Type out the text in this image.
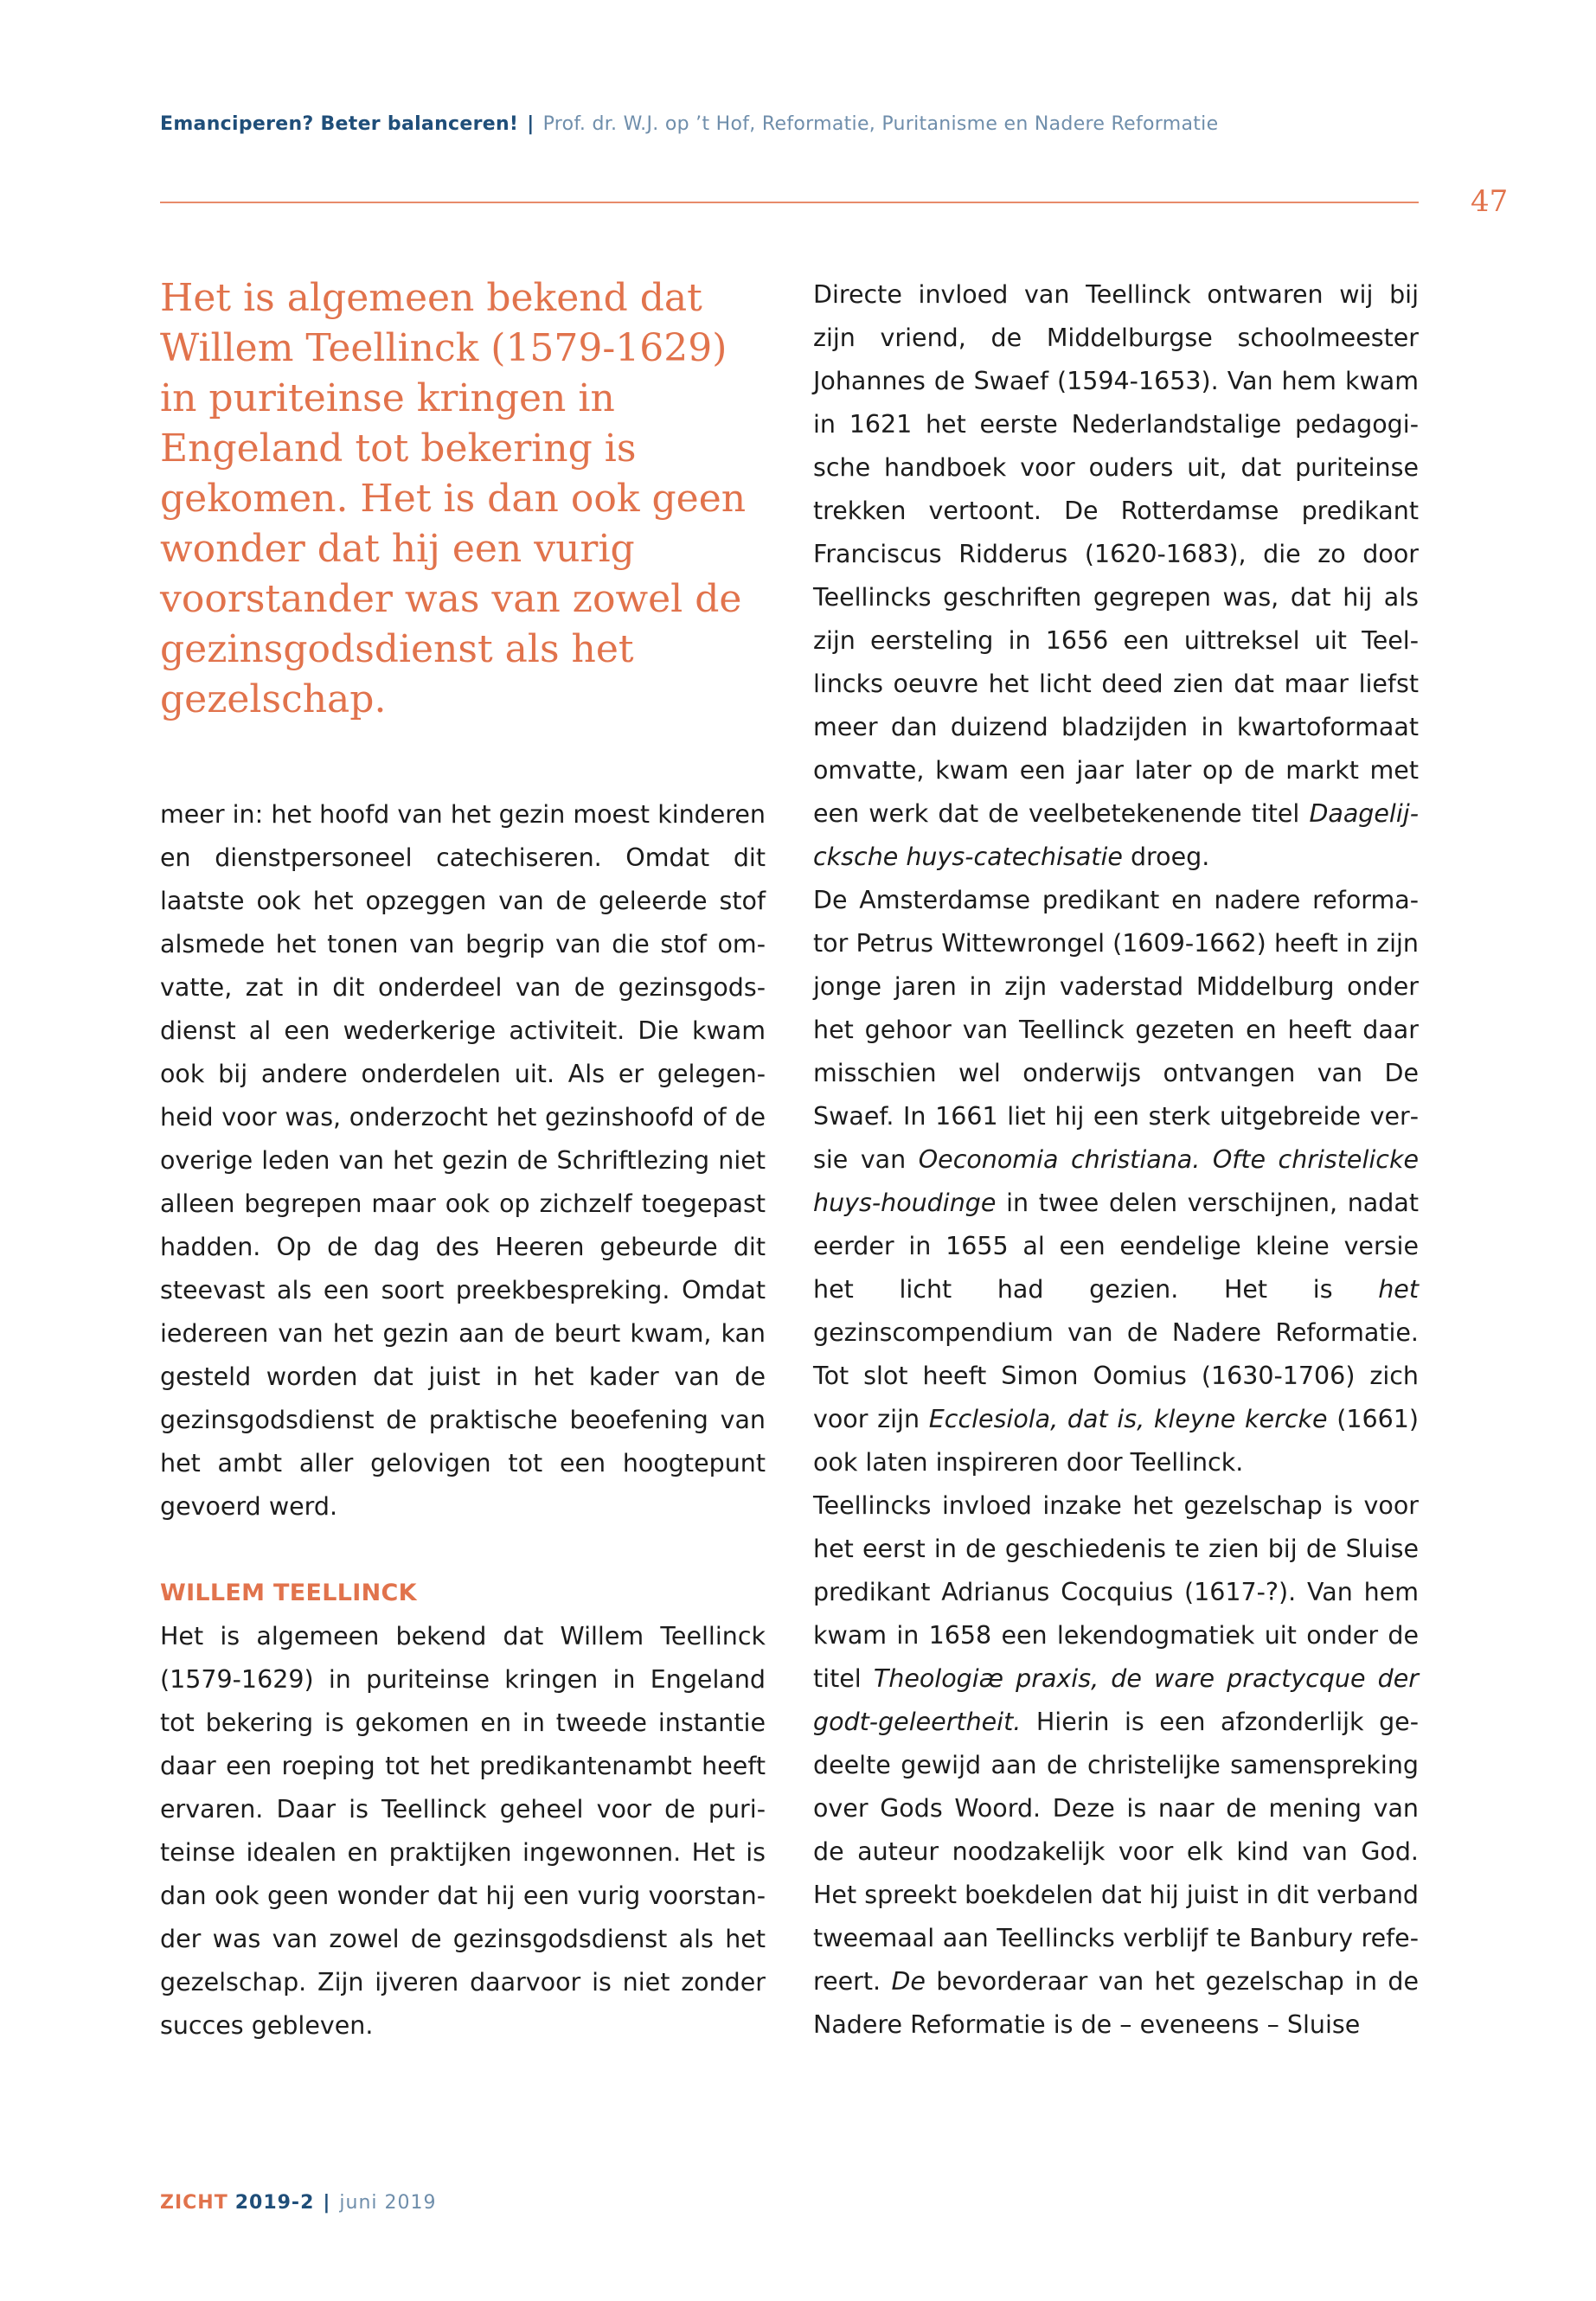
Emanciperen? Beter balanceren! | Prof. dr. W.J. op ’t Hof, Reformatie, Puritanisme en Nadere Reformatie
47
Het is algemeen bekend dat Willem Teellinck (1579-1629) in puriteinse kringen in Engeland tot bekering is gekomen. Het is dan ook geen wonder dat hij een vurig voorstander was van zowel de gezinsgodsdienst als het gezelschap.

meer in: het hoofd van het gezin moest kinderen en dienstpersoneel catechiseren. Omdat dit laatste ook het opzeggen van de geleerde stof alsmede het tonen van begrip van die stof omvatte, zat in dit onderdeel van de gezinsgodsdienst al een wederkerige activiteit. Die kwam ook bij andere onderdelen uit. Als er gelegenheid voor was, onderzocht het gezinshoofd of de overige leden van het gezin de Schriftlezing niet alleen begrepen maar ook op zichzelf toegepast hadden. Op de dag des Heeren gebeurde dit steevast als een soort preekbespreking. Omdat iedereen van het gezin aan de beurt kwam, kan gesteld worden dat juist in het kader van de gezinsgodsdienst de praktische beoefening van het ambt aller gelovigen tot een hoogtepunt gevoerd werd.

WILLEM TEELLINCK

Het is algemeen bekend dat Willem Teellinck (1579-1629) in puriteinse kringen in Engeland tot bekering is gekomen en in tweede instantie daar een roeping tot het predikantenambt heeft ervaren. Daar is Teellinck geheel voor de puriteinse idealen en praktijken ingewonnen. Het is dan ook geen wonder dat hij een vurig voorstander was van zowel de gezinsgodsdienst als het gezelschap. Zijn ijveren daarvoor is niet zonder succes gebleven.

Directe invloed van Teellinck ontwaren wij bij zijn vriend, de Middelburgse schoolmeester Johannes de Swaef (1594-1653). Van hem kwam in 1621 het eerste Nederlandstalige pedagogische handboek voor ouders uit, dat puriteinse trekken vertoont. De Rotterdamse predikant Franciscus Ridderus (1620-1683), die zo door Teellincks geschriften gegrepen was, dat hij als zijn eersteling in 1656 een uittreksel uit Teellincks oeuvre het licht deed zien dat maar liefst meer dan duizend bladzijden in kwartoformaat omvatte, kwam een jaar later op de markt met een werk dat de veelbetekenende titel Daagelijcksche huys-catechisatie droeg.

De Amsterdamse predikant en nadere reformator Petrus Wittewrongel (1609-1662) heeft in zijn jonge jaren in zijn vaderstad Middelburg onder het gehoor van Teellinck gezeten en heeft daar misschien wel onderwijs ontvangen van De Swaef. In 1661 liet hij een sterk uitgebreide versie van Oeconomia christiana. Ofte christelicke huys-houdinge in twee delen verschijnen, nadat eerder in 1655 al een eendelige kleine versie het licht had gezien. Het is het gezinscompendium van de Nadere Reformatie. Tot slot heeft Simon Oomius (1630-1706) zich voor zijn Ecclesiola, dat is, kleyne kercke (1661) ook laten inspireren door Teellinck.

Teellincks invloed inzake het gezelschap is voor het eerst in de geschiedenis te zien bij de Sluise predikant Adrianus Cocquius (1617-?). Van hem kwam in 1658 een lekendogmatiek uit onder de titel Theologiæ praxis, de ware practycque der godt-geleertheit. Hierin is een afzonderlijk gedeelte gewijd aan de christelijke samenspreking over Gods Woord. Deze is naar de mening van de auteur noodzakelijk voor elk kind van God. Het spreekt boekdelen dat hij juist in dit verband tweemaal aan Teellincks verblijf te Banbury refereert. De bevorderaar van het gezelschap in de Nadere Reformatie is de – eveneens – Sluise

ZICHT 2019-2 | juni 2019
